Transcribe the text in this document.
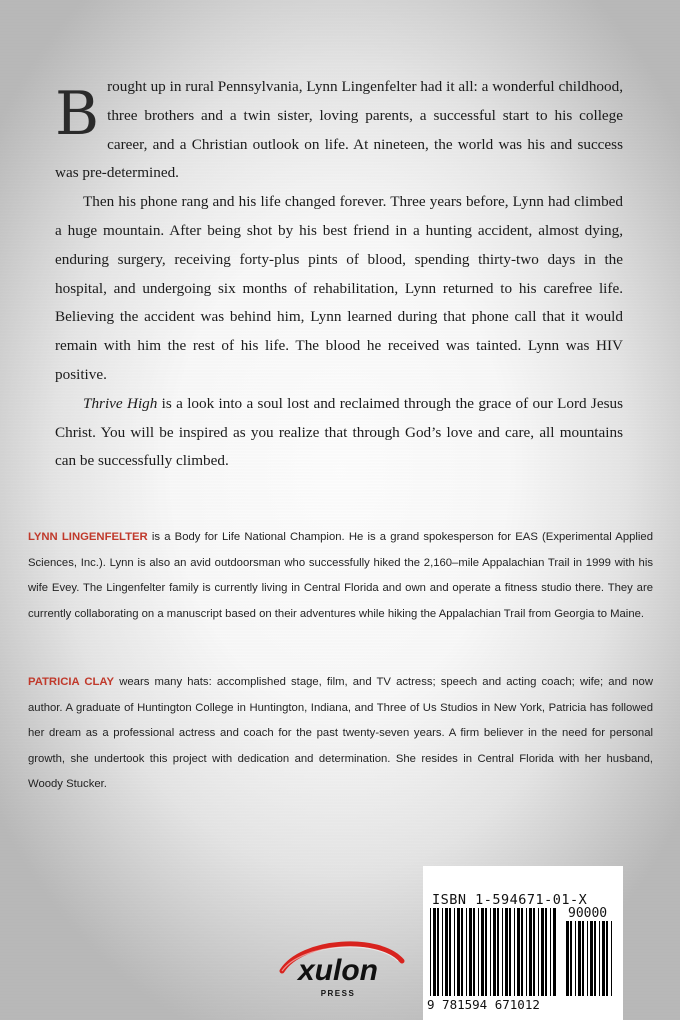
Brought up in rural Pennsylvania, Lynn Lingenfelter had it all: a wonderful childhood, three brothers and a twin sister, loving parents, a successful start to his college career, and a Christian outlook on life. At nineteen, the world was his and success was pre-determined.

Then his phone rang and his life changed forever. Three years before, Lynn had climbed a huge mountain. After being shot by his best friend in a hunting accident, almost dying, enduring surgery, receiving forty-plus pints of blood, spending thirty-two days in the hospital, and undergoing six months of rehabilitation, Lynn returned to his carefree life. Believing the accident was behind him, Lynn learned during that phone call that it would remain with him the rest of his life. The blood he received was tainted. Lynn was HIV positive.

Thrive High is a look into a soul lost and reclaimed through the grace of our Lord Jesus Christ. You will be inspired as you realize that through God’s love and care, all mountains can be successfully climbed.

LYNN LINGENFELTER is a Body for Life National Champion. He is a grand spokesperson for EAS (Experimental Applied Sciences, Inc.). Lynn is also an avid outdoorsman who successfully hiked the 2,160–mile Appalachian Trail in 1999 with his wife Evey. The Lingenfelter family is currently living in Central Florida and own and operate a fitness studio there. They are currently collaborating on a manuscript based on their adventures while hiking the Appalachian Trail from Georgia to Maine.

PATRICIA CLAY wears many hats: accomplished stage, film, and TV actress; speech and acting coach; wife; and now author. A graduate of Huntington College in Huntington, Indiana, and Three of Us Studios in New York, Patricia has followed her dream as a professional actress and coach for the past twenty-seven years. A firm believer in the need for personal growth, she undertook this project with dedication and determination. She resides in Central Florida with her husband, Woody Stucker.

xulon
PRESS
ISBN 1-594671-01-X
90000
9 781594 671012
